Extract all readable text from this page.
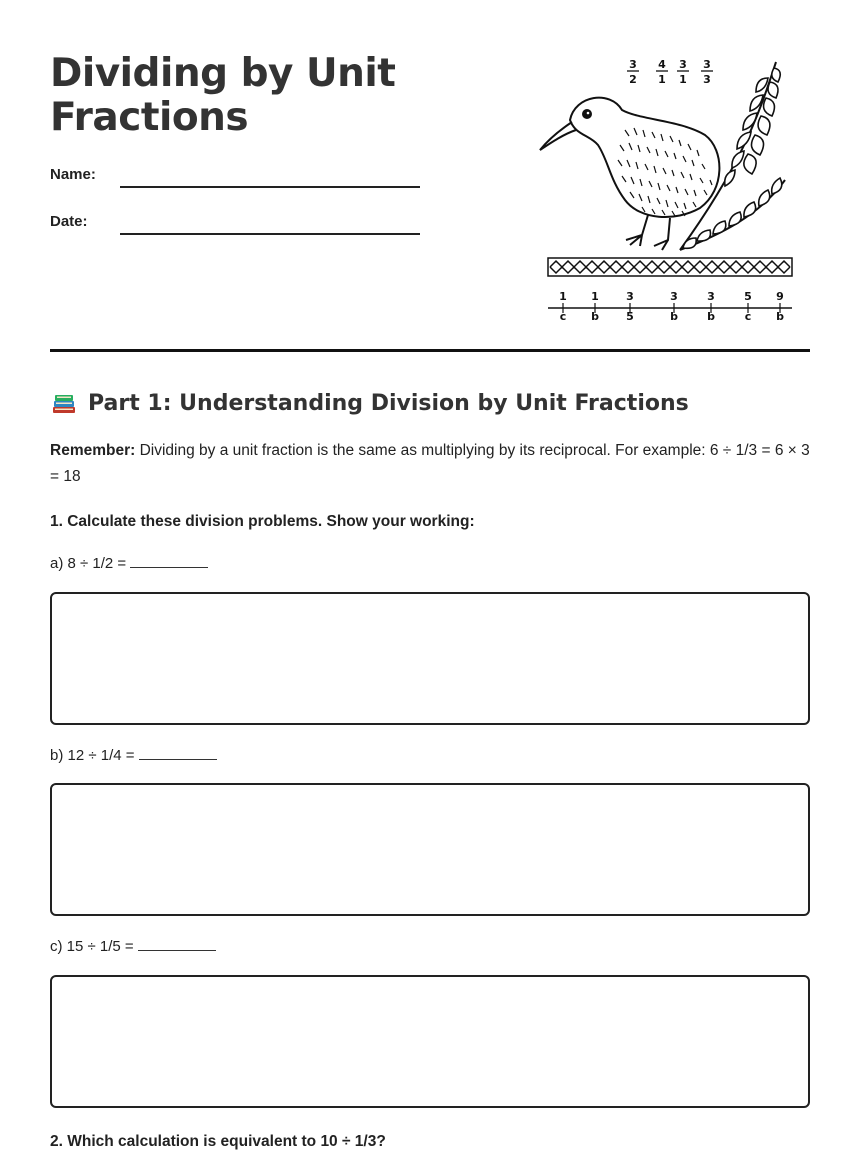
Dividing by Unit
Fractions
Name:
Date:
3
2
4
1
3
1
3
3
1
c
1
b
3
5
3
b
3
b
5
c
9
b
Part 1: Understanding Division by Unit Fractions

Remember: Dividing by a unit fraction is the same as multiplying by its reciprocal. For example: 6 ÷ 1/3 = 6 × 3 = 18

1. Calculate these division problems. Show your working:
a) 8 ÷ 1/2 =
b) 12 ÷ 1/4 =
c) 15 ÷ 1/5 =
2. Which calculation is equivalent to 10 ÷ 1/3?
